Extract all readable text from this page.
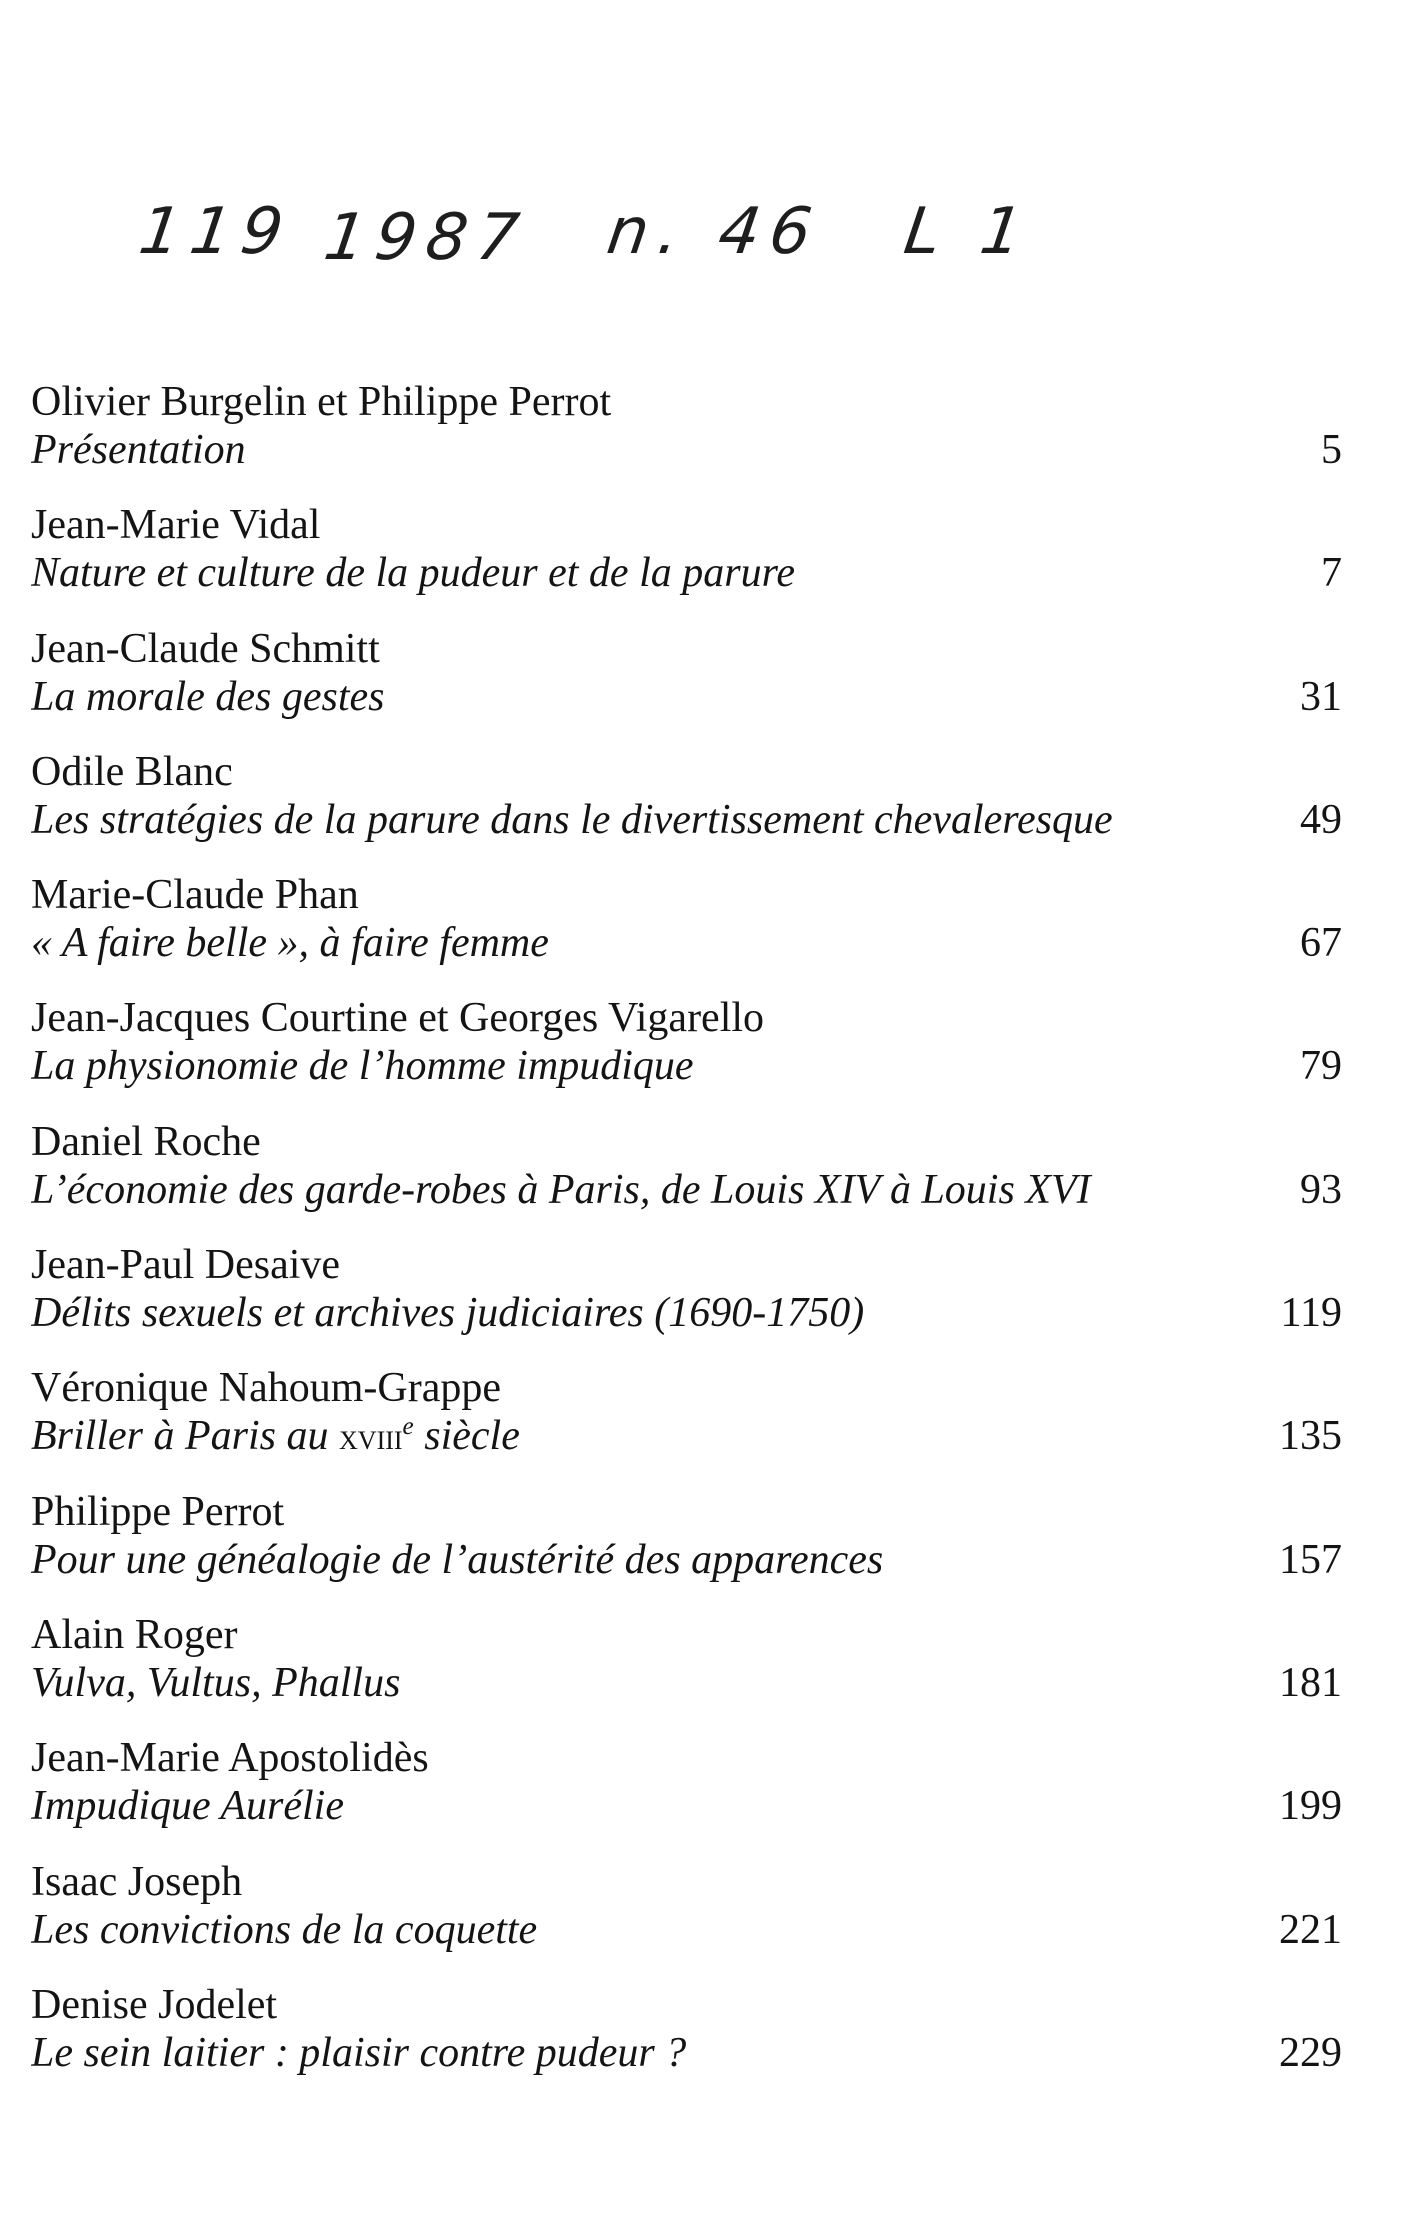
119 1987 n. 46 L 1
Olivier Burgelin et Philippe Perrot
Présentation	5
Jean-Marie Vidal
Nature et culture de la pudeur et de la parure	7
Jean-Claude Schmitt
La morale des gestes	31
Odile Blanc
Les stratégies de la parure dans le divertissement chevaleresque	49
Marie-Claude Phan
« A faire belle », à faire femme	67
Jean-Jacques Courtine et Georges Vigarello
La physionomie de l’homme impudique	79
Daniel Roche
L’économie des garde-robes à Paris, de Louis XIV à Louis XVI	93
Jean-Paul Desaive
Délits sexuels et archives judiciaires (1690-1750)	119
Véronique Nahoum-Grappe
Briller à Paris au xviii$^e$ siècle	135
Philippe Perrot
Pour une généalogie de l’austérité des apparences	157
Alain Roger
Vulva, Vultus, Phallus	181
Jean-Marie Apostolidès
Impudique Aurélie	199
Isaac Joseph
Les convictions de la coquette	221
Denise Jodelet
Le sein laitier : plaisir contre pudeur ?	229
